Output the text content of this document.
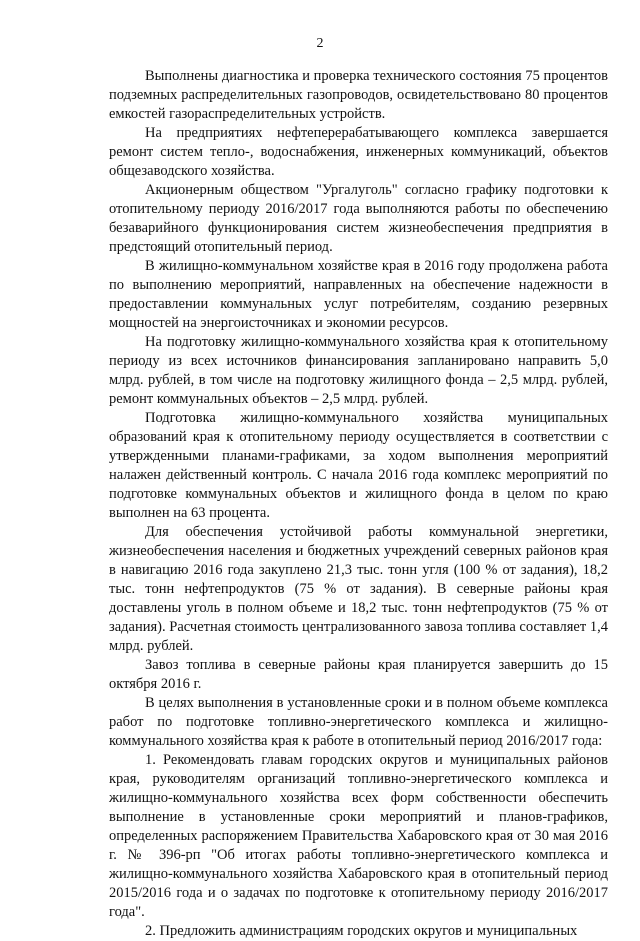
2

Выполнены диагностика и проверка технического состояния 75 процентов подземных распределительных газопроводов, освидетельствовано 80 процентов емкостей газораспределительных устройств.

На предприятиях нефтеперерабатывающего комплекса завершается ремонт систем тепло-, водоснабжения, инженерных коммуникаций, объектов общезаводского хозяйства.

Акционерным обществом "Ургалуголь" согласно графику подготовки к отопительному периоду 2016/2017 года выполняются работы по обеспечению безаварийного функционирования систем жизнеобеспечения предприятия в предстоящий отопительный период.

В жилищно-коммунальном хозяйстве края в 2016 году продолжена работа по выполнению мероприятий, направленных на обеспечение надежности в предоставлении коммунальных услуг потребителям, созданию резервных мощностей на энергоисточниках и экономии ресурсов.

На подготовку жилищно-коммунального хозяйства края к отопительному периоду из всех источников финансирования запланировано направить 5,0 млрд. рублей, в том числе на подготовку жилищного фонда – 2,5 млрд. рублей, ремонт коммунальных объектов – 2,5 млрд. рублей.

Подготовка жилищно-коммунального хозяйства муниципальных образований края к отопительному периоду осуществляется в соответствии с утвержденными планами-графиками, за ходом выполнения мероприятий налажен действенный контроль. С начала 2016 года комплекс мероприятий по подготовке коммунальных объектов и жилищного фонда в целом по краю выполнен на 63 процента.

Для обеспечения устойчивой работы коммунальной энергетики, жизнеобеспечения населения и бюджетных учреждений северных районов края в навигацию 2016 года закуплено 21,3 тыс. тонн угля (100 % от задания), 18,2 тыс. тонн нефтепродуктов (75 % от задания). В северные районы края доставлены уголь в полном объеме и 18,2 тыс. тонн нефтепродуктов (75 % от задания). Расчетная стоимость централизованного завоза топлива составляет 1,4 млрд. рублей.

Завоз топлива в северные районы края планируется завершить до 15 октября 2016 г.

В целях выполнения в установленные сроки и в полном объеме комплекса работ по подготовке топливно-энергетического комплекса и жилищно-коммунального хозяйства края к работе в отопительный период 2016/2017 года:

1. Рекомендовать главам городских округов и муниципальных районов края, руководителям организаций топливно-энергетического комплекса и жилищно-коммунального хозяйства всех форм собственности обеспечить выполнение в установленные сроки мероприятий и планов-графиков, определенных распоряжением Правительства Хабаровского края от 30 мая 2016 г. № 396-рп "Об итогах работы топливно-энергетического комплекса и жилищно-коммунального хозяйства Хабаровского края в отопительный период 2015/2016 года и о задачах по подготовке к отопительному периоду 2016/2017 года".

2. Предложить администрациям городских округов и муниципальных
